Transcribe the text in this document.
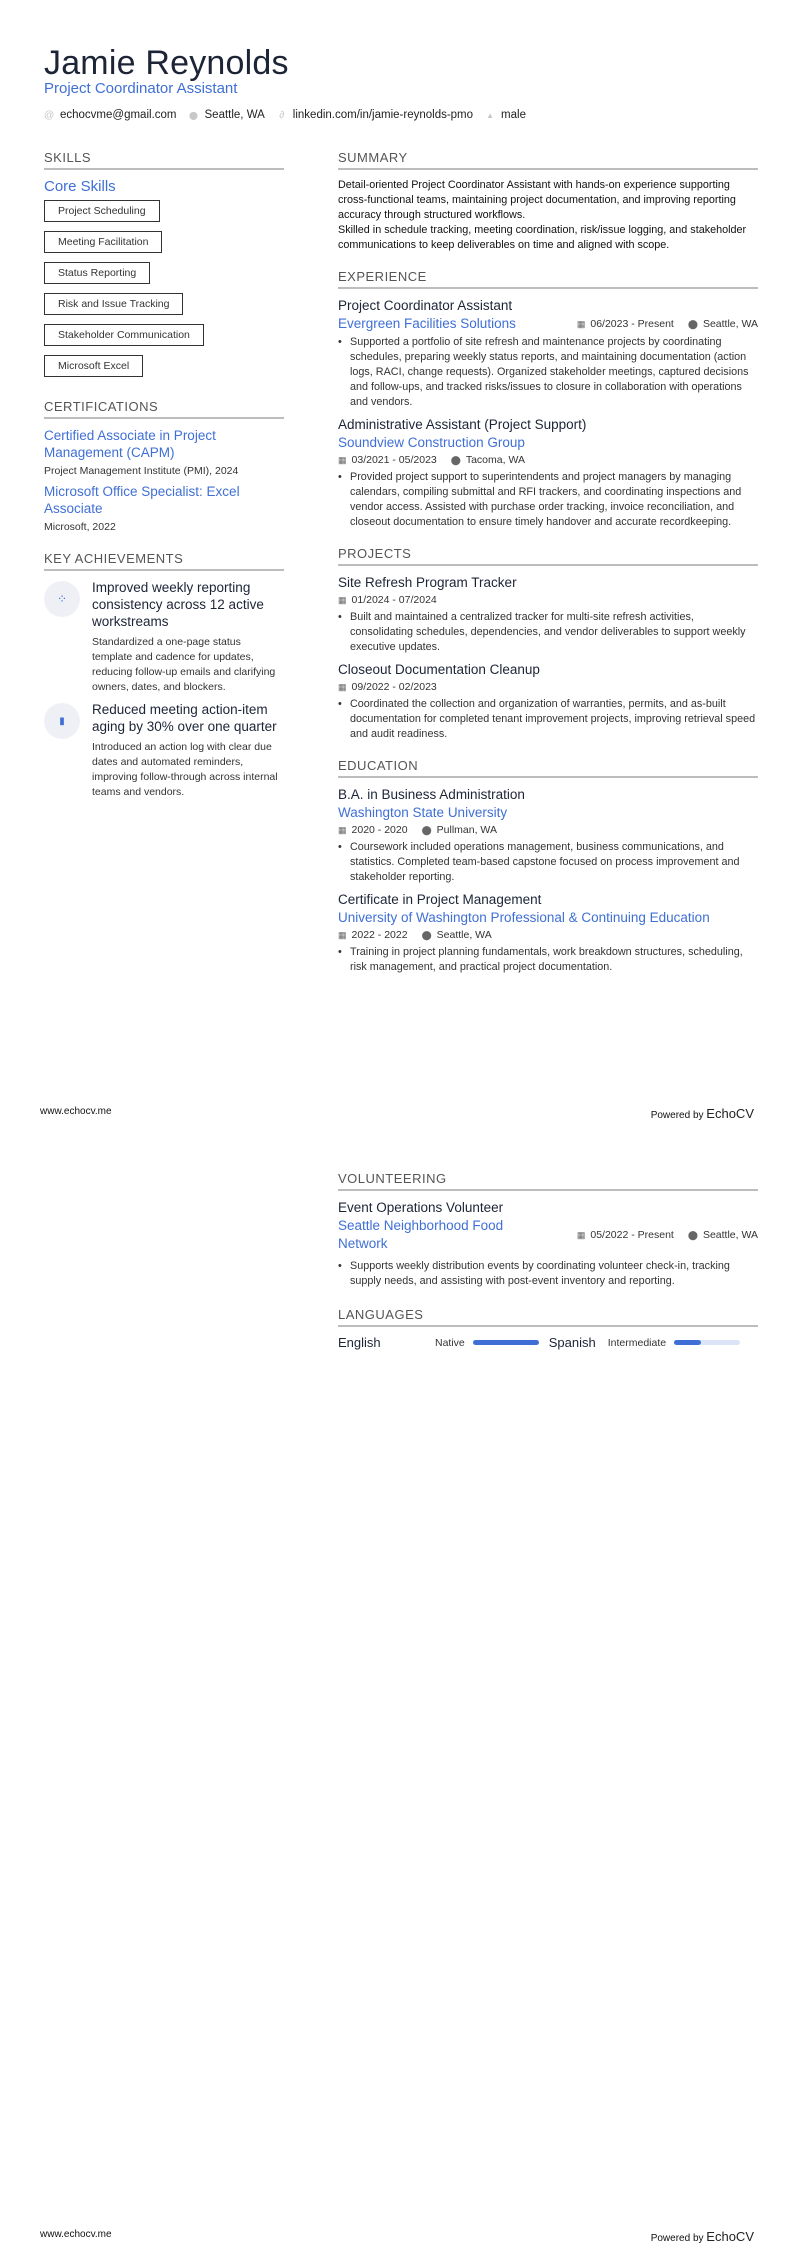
Jamie Reynolds
Project Coordinator Assistant
@ echocvme@gmail.com ⬤ Seattle, WA ∂ linkedin.com/in/jamie-reynolds-pmo ▲ male
SKILLS
Core Skills
Project Scheduling
Meeting Facilitation
Status Reporting
Risk and Issue Tracking
Stakeholder Communication
Microsoft Excel
CERTIFICATIONS
Certified Associate in Project Management (CAPM)
Project Management Institute (PMI), 2024
Microsoft Office Specialist: Excel Associate
Microsoft, 2022
KEY ACHIEVEMENTS
⁘
Improved weekly reporting consistency across 12 active workstreams
Standardized a one-page status template and cadence for updates, reducing follow-up emails and clarifying owners, dates, and blockers.
▮
Reduced meeting action-item aging by 30% over one quarter
Introduced an action log with clear due dates and automated reminders, improving follow-through across internal teams and vendors.
SUMMARY

Detail-oriented Project Coordinator Assistant with hands-on experience supporting cross-functional teams, maintaining project documentation, and improving reporting accuracy through structured workflows.

Skilled in schedule tracking, meeting coordination, risk/issue logging, and stakeholder communications to keep deliverables on time and aligned with scope.

EXPERIENCE
Project Coordinator Assistant
Evergreen Facilities Solutions	▦ 06/2023 - Present ⬤ Seattle, WA
• Supported a portfolio of site refresh and maintenance projects by coordinating schedules, preparing weekly status reports, and maintaining documentation (action logs, RACI, change requests). Organized stakeholder meetings, captured decisions and follow-ups, and tracked risks/issues to closure in collaboration with operations and vendors.
Administrative Assistant (Project Support)
Soundview Construction Group
▦ 03/2021 - 05/2023 ⬤ Tacoma, WA
• Provided project support to superintendents and project managers by managing calendars, compiling submittal and RFI trackers, and coordinating inspections and vendor access. Assisted with purchase order tracking, invoice reconciliation, and closeout documentation to ensure timely handover and accurate recordkeeping.
PROJECTS
Site Refresh Program Tracker
▦ 01/2024 - 07/2024
• Built and maintained a centralized tracker for multi-site refresh activities, consolidating schedules, dependencies, and vendor deliverables to support weekly executive updates.
Closeout Documentation Cleanup
▦ 09/2022 - 02/2023
• Coordinated the collection and organization of warranties, permits, and as-built documentation for completed tenant improvement projects, improving retrieval speed and audit readiness.
EDUCATION
B.A. in Business Administration
Washington State University
▦ 2020 - 2020 ⬤ Pullman, WA
• Coursework included operations management, business communications, and statistics. Completed team-based capstone focused on process improvement and stakeholder reporting.
Certificate in Project Management
University of Washington Professional & Continuing Education
▦ 2022 - 2022 ⬤ Seattle, WA
• Training in project planning fundamentals, work breakdown structures, scheduling, risk management, and practical project documentation.
www.echocv.me	Powered by EchoCV
VOLUNTEERING
Event Operations Volunteer
Seattle Neighborhood Food Network
▦ 05/2022 - Present ⬤ Seattle, WA
• Supports weekly distribution events by coordinating volunteer check-in, tracking supply needs, and assisting with post-event inventory and reporting.
LANGUAGES
English	Native	Spanish Intermediate
www.echocv.me	Powered by EchoCV
